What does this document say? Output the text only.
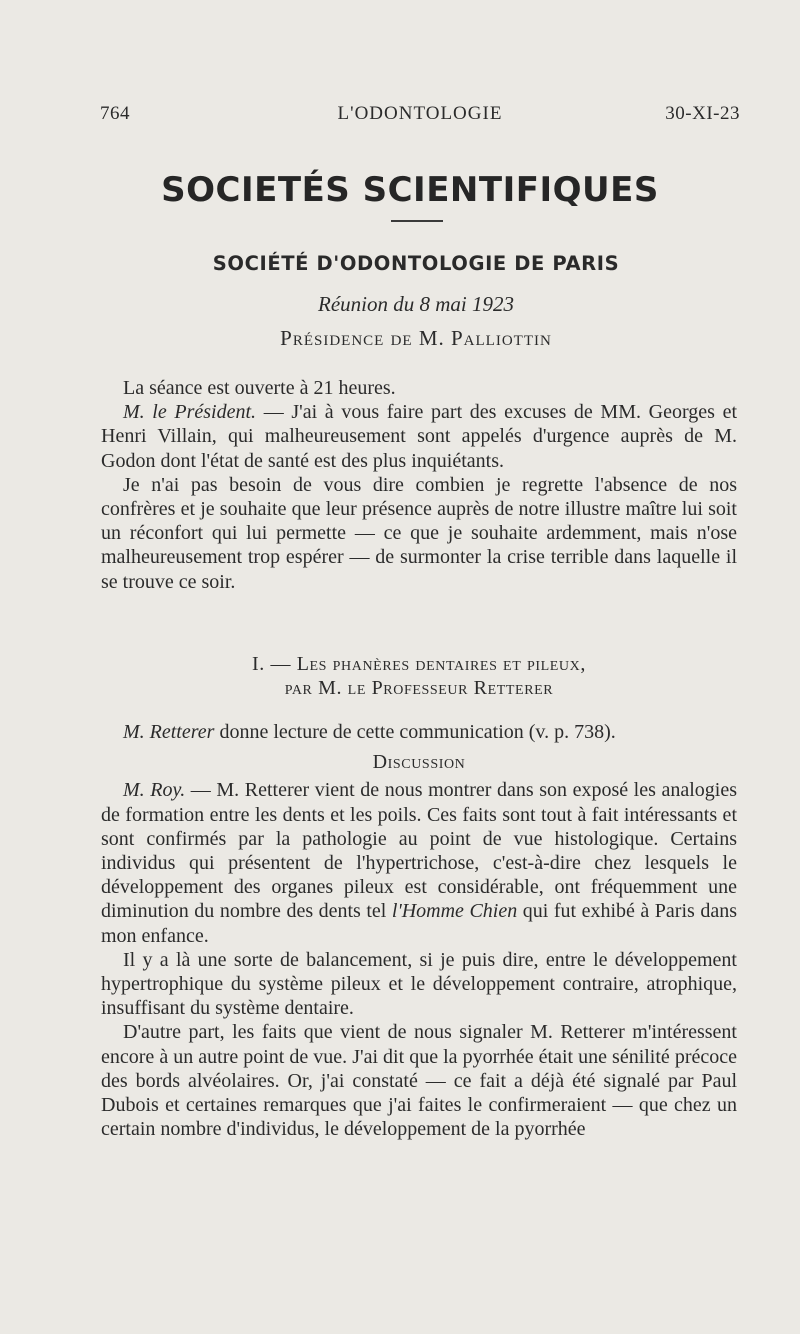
764	L'ODONTOLOGIE	30-XI-23
SOCIETÉS SCIENTIFIQUES
SOCIÉTÉ D'ODONTOLOGIE DE PARIS
Réunion du 8 mai 1923
Présidence de M. Palliottin

La séance est ouverte à 21 heures.

M. le Président. — J'ai à vous faire part des excuses de MM. Georges et Henri Villain, qui malheureusement sont appelés d'urgence auprès de M. Godon dont l'état de santé est des plus inquiétants.

Je n'ai pas besoin de vous dire combien je regrette l'absence de nos confrères et je souhaite que leur présence auprès de notre illustre maître lui soit un réconfort qui lui permette — ce que je souhaite ardemment, mais n'ose malheureusement trop espérer — de surmonter la crise terrible dans laquelle il se trouve ce soir.

I. — Les phanères dentaires et pileux,

par M. le Professeur Retterer

M. Retterer donne lecture de cette communication (v. p. 738).

Discussion

M. Roy. — M. Retterer vient de nous montrer dans son exposé les analogies de formation entre les dents et les poils. Ces faits sont tout à fait intéressants et sont confirmés par la pathologie au point de vue histologique. Certains individus qui présentent de l'hypertrichose, c'est-à-dire chez lesquels le développement des organes pileux est considérable, ont fréquemment une diminution du nombre des dents tel l'Homme Chien qui fut exhibé à Paris dans mon enfance.

Il y a là une sorte de balancement, si je puis dire, entre le développement hypertrophique du système pileux et le développement contraire, atrophique, insuffisant du système dentaire.

D'autre part, les faits que vient de nous signaler M. Retterer m'intéressent encore à un autre point de vue. J'ai dit que la pyorrhée était une sénilité précoce des bords alvéolaires. Or, j'ai constaté — ce fait a déjà été signalé par Paul Dubois et certaines remarques que j'ai faites le confirmeraient — que chez un certain nombre d'individus, le développement de la pyorrhée
